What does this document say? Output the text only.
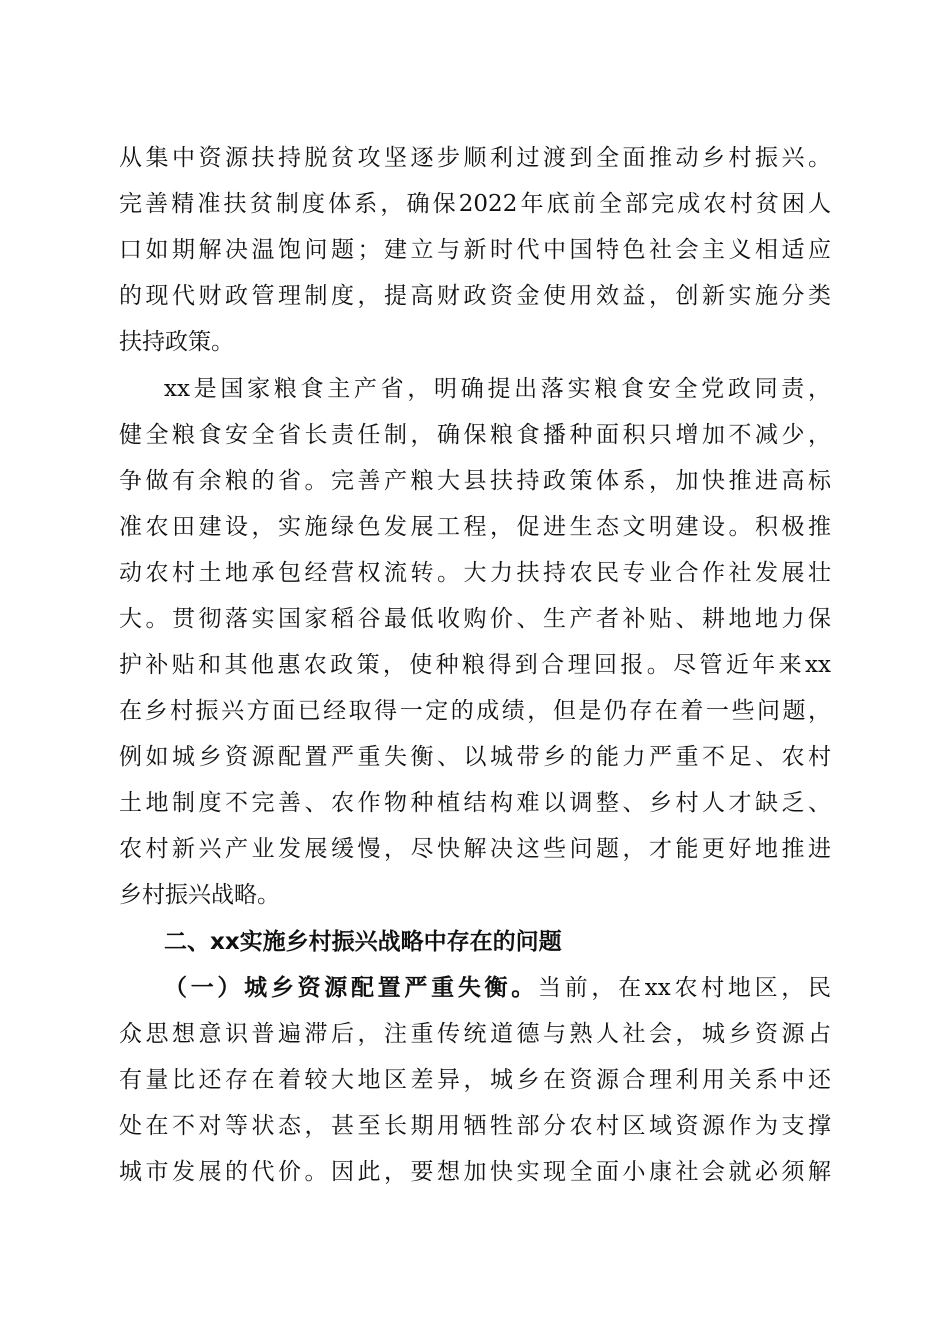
从集中资源扶持脱贫攻坚逐步顺利过渡到全面推动乡村振兴。
完善精准扶贫制度体系，确保2022年底前全部完成农村贫困人
口如期解决温饱问题；建立与新时代中国特色社会主义相适应
的现代财政管理制度，提高财政资金使用效益，创新实施分类
扶持政策。
xx是国家粮食主产省，明确提出落实粮食安全党政同责，
健全粮食安全省长责任制，确保粮食播种面积只增加不减少，
争做有余粮的省。完善产粮大县扶持政策体系，加快推进高标
准农田建设，实施绿色发展工程，促进生态文明建设。积极推
动农村土地承包经营权流转。大力扶持农民专业合作社发展壮
大。贯彻落实国家稻谷最低收购价、生产者补贴、耕地地力保
护补贴和其他惠农政策，使种粮得到合理回报。尽管近年来xx
在乡村振兴方面已经取得一定的成绩，但是仍存在着一些问题，
例如城乡资源配置严重失衡、以城带乡的能力严重不足、农村
土地制度不完善、农作物种植结构难以调整、乡村人才缺乏、
农村新兴产业发展缓慢，尽快解决这些问题，才能更好地推进
乡村振兴战略。
二、xx实施乡村振兴战略中存在的问题
（一）城乡资源配置严重失衡。当前，在xx农村地区，民
众思想意识普遍滞后，注重传统道德与熟人社会，城乡资源占
有量比还存在着较大地区差异，城乡在资源合理利用关系中还
处在不对等状态，甚至长期用牺牲部分农村区域资源作为支撑
城市发展的代价。因此，要想加快实现全面小康社会就必须解
